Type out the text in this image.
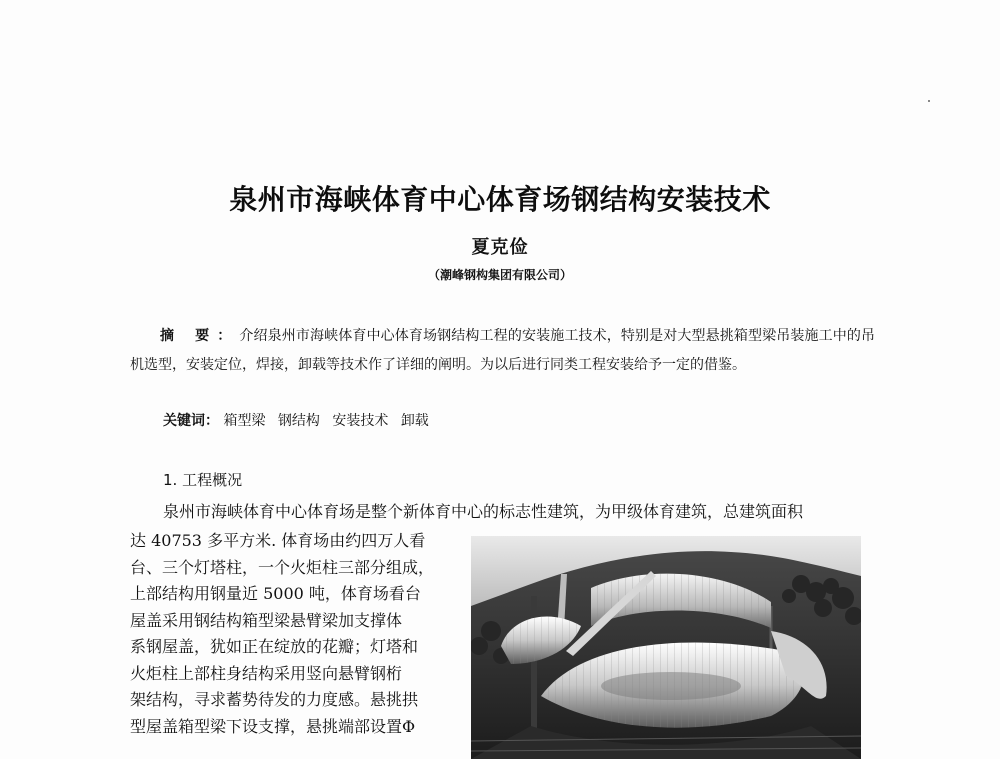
泉州市海峡体育中心体育场钢结构安装技术
夏克俭
（潮峰钢构集团有限公司）
摘 要：介绍泉州市海峡体育中心体育场钢结构工程的安装施工技术，特别是对大型悬挑箱型梁吊装施工中的吊机选型，安装定位，焊接，卸载等技术作了详细的阐明。为以后进行同类工程安装给予一定的借鉴。
关键词： 箱型梁 钢结构 安装技术 卸载
1. 工程概况
泉州市海峡体育中心体育场是整个新体育中心的标志性建筑，为甲级体育建筑，总建筑面积
达 40753 多平方米. 体育场由约四万人看
台、三个灯塔柱，一个火炬柱三部分组成，
上部结构用钢量近 5000 吨，体育场看台
屋盖采用钢结构箱型梁悬臂梁加支撑体
系钢屋盖，犹如正在绽放的花瓣；灯塔和
火炬柱上部柱身结构采用竖向悬臂钢桁
架结构，寻求蓄势待发的力度感。悬挑拱
型屋盖箱型梁下设支撑，悬挑端部设置Φ
